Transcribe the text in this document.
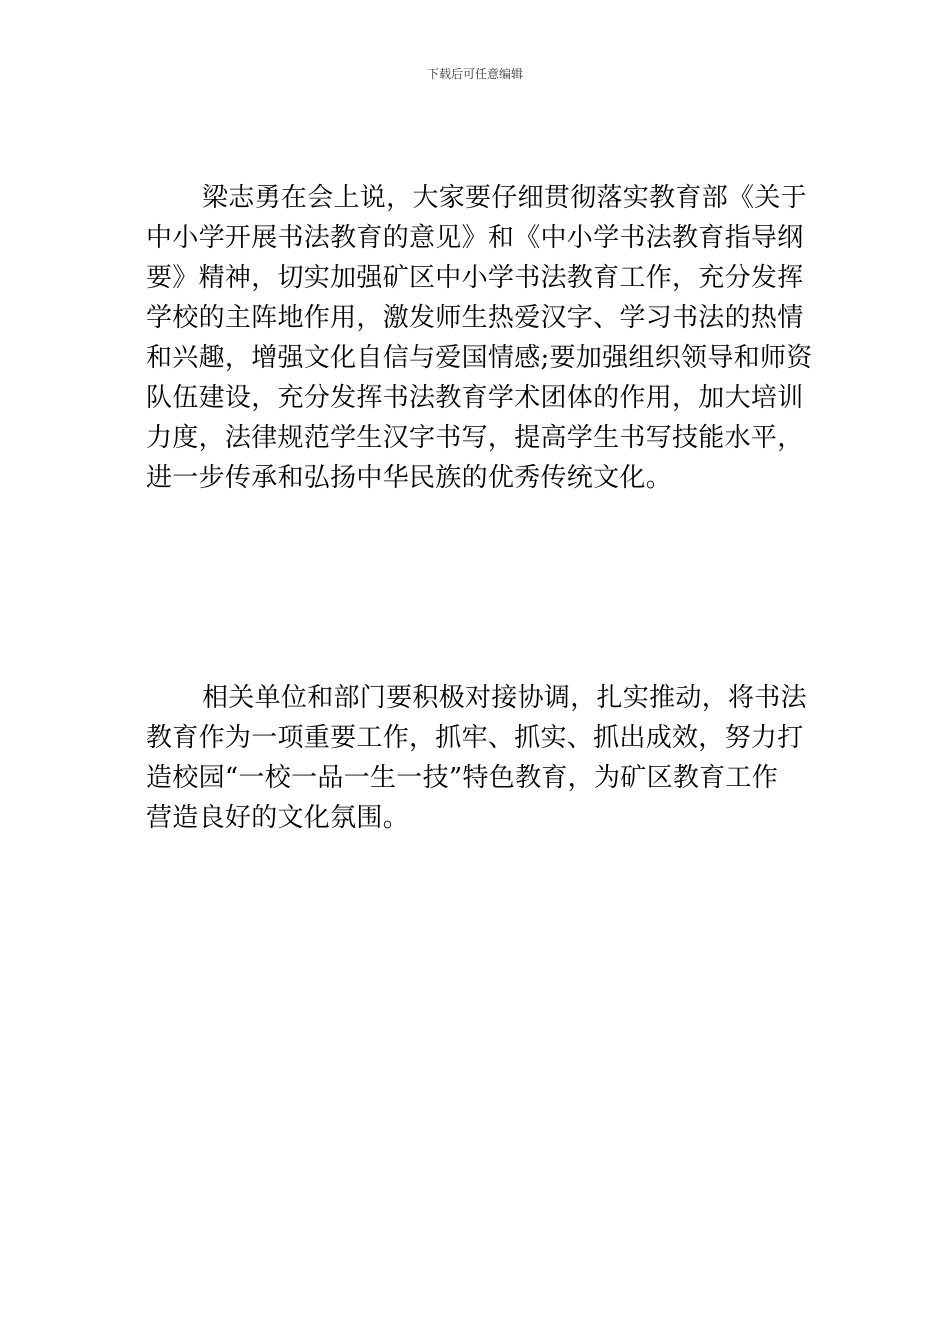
下载后可任意编辑
梁志勇在会上说，大家要仔细贯彻落实教育部《关于
中小学开展书法教育的意见》和《中小学书法教育指导纲
要》精神，切实加强矿区中小学书法教育工作，充分发挥
学校的主阵地作用，激发师生热爱汉字、学习书法的热情
和兴趣，增强文化自信与爱国情感;要加强组织领导和师资
队伍建设，充分发挥书法教育学术团体的作用，加大培训
力度，法律规范学生汉字书写，提高学生书写技能水平，
进一步传承和弘扬中华民族的优秀传统文化。
相关单位和部门要积极对接协调，扎实推动，将书法
教育作为一项重要工作，抓牢、抓实、抓出成效，努力打
造校园“一校一品一生一技”特色教育，为矿区教育工作
营造良好的文化氛围。
